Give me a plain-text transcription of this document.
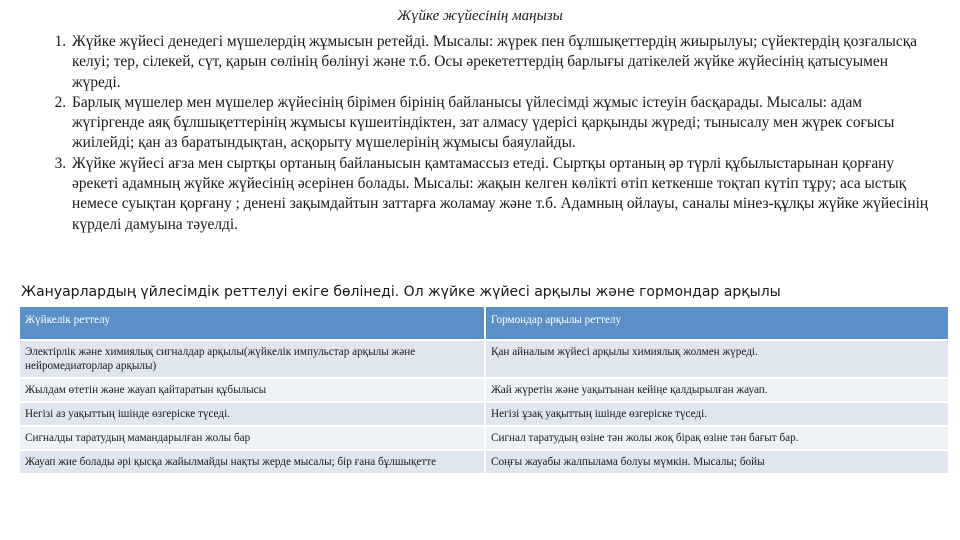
Жүйке жүйесінің маңызы
1. Жүйке жүйесі денедегі мүшелердің жұмысын ретейді. Мысалы: жүрек пен бұлшықеттердің жиырылуы; сүйектердің қозғалысқа келуі; тер, сілекей, сүт, қарын сөлінің бөлінуі және т.б. Осы әрекететтердің барлығы датікелей жүйке жүйесінің қатысуымен жүреді.
2. Барлық мүшелер мен мүшелер жүйесінің бірімен бірінің байланысы үйлесімді жұмыс істеуін басқарады. Мысалы: адам жүгіргенде аяқ бұлшықеттерінің жұмысы күшеитіндіктен, зат алмасу үдерісі қарқынды жүреді; тынысалу мен жүрек соғысы жиілейді; қан аз баратындықтан, асқорыту мүшелерінің жұмысы баяулайды.
3. Жүйке жүйесі ағза мен сыртқы ортаның байланысын қамтамассыз етеді. Сыртқы ортаның әр түрлі құбылыстарынан қорғану әрекеті адамның жүйке жүйесінің әсерінен болады. Мысалы: жақын келген көлікті өтіп кеткенше тоқтап күтіп тұру; аса ыстық немесе суықтан қорғану ; денені зақымдайтын заттарға жоламау және т.б. Адамның ойлауы, саналы мінез-құлқы жүйке жүйесінің күрделі дамуына тәуелді.
Жануарлардың үйлесімдік реттелуі екіге бөлінеді. Ол жүйке жүйесі арқылы және гормондар арқылы
Жүйкелік реттелу	Гормондар арқылы реттелу
Электірлік және химиялық сигналдар арқылы(жүйкелік импульстар арқылы және нейромедиаторлар арқылы)	Қан айналым жүйесі арқылы химиялық жолмен жүреді.
Жылдам өтетін және жауап қайтаратын құбылысы	Жай жүретін және уақытынан кейіңе қалдырылған жауап.
Негізі аз уақыттың ішінде өзгеріске түседі.	Негізі ұзақ уақыттың ішінде өзгеріске түседі.
Сигналды таратудың мамандарылған жолы бар	Сигнал таратудың өзіне тән жолы жоқ бірақ өзіне тән бағыт бар.
Жауап жие болады әрі қысқа жайылмайды нақты жерде мысалы; бір ғана бұлшықетте	Соңғы жауабы жалпылама болуы мүмкін. Мысалы; бойы
